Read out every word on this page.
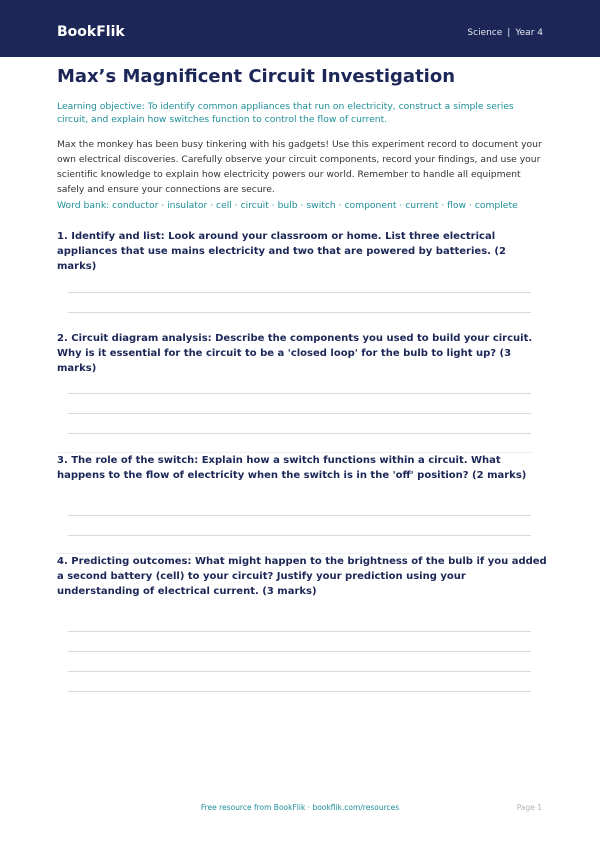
BookFlik	Science | Year 4
Max’s Magnificent Circuit Investigation

Learning objective: To identify common appliances that run on electricity, construct a simple series circuit, and explain how switches function to control the flow of current.

Max the monkey has been busy tinkering with his gadgets! Use this experiment record to document your own electrical discoveries. Carefully observe your circuit components, record your findings, and use your scientific knowledge to explain how electricity powers our world. Remember to handle all equipment safely and ensure your connections are secure.

Word bank: conductor · insulator · cell · circuit · bulb · switch · component · current · flow · complete

1. Identify and list: Look around your classroom or home. List three electrical appliances that use mains electricity and two that are powered by batteries. (2 marks)
2. Circuit diagram analysis: Describe the components you used to build your circuit. Why is it essential for the circuit to be a 'closed loop' for the bulb to light up? (3 marks)
3. The role of the switch: Explain how a switch functions within a circuit. What happens to the flow of electricity when the switch is in the 'off' position? (2 marks)
4. Predicting outcomes: What might happen to the brightness of the bulb if you added a second battery (cell) to your circuit? Justify your prediction using your understanding of electrical current. (3 marks)
Free resource from BookFlik · bookflik.com/resources	Page 1
